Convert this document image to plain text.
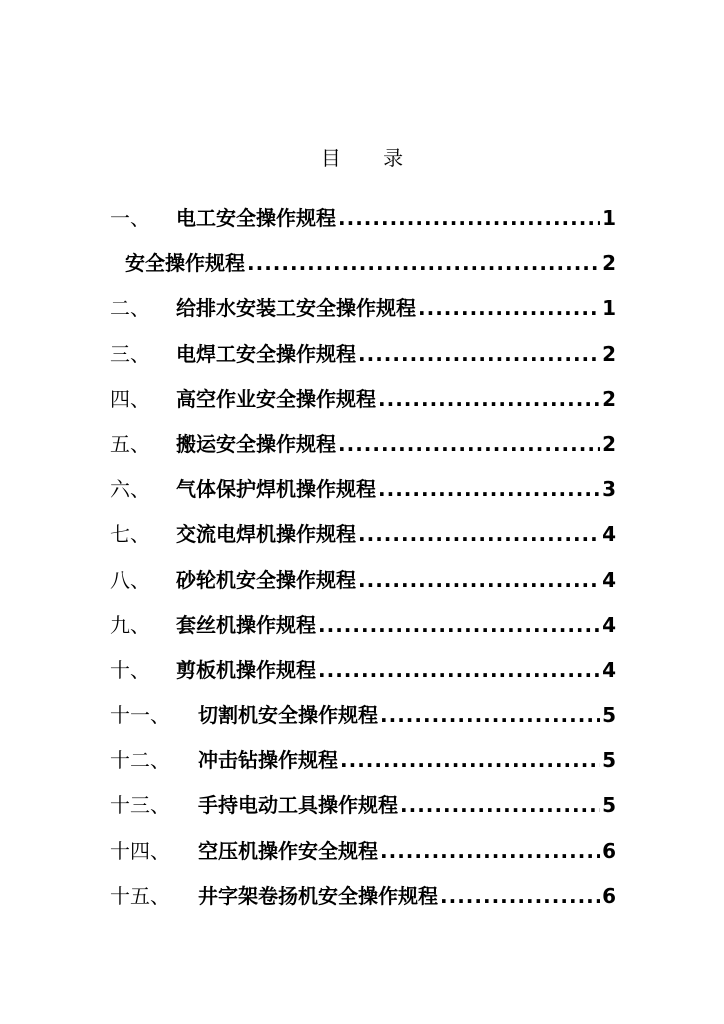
目 录
一、	电工安全操作规程 .....	1
安全操作规程 .....	2
二、	给排水安装工安全操作规程 .....	1
三、	电焊工安全操作规程 .....	2
四、	高空作业安全操作规程 .....	2
五、	搬运安全操作规程 .....	2
六、	气体保护焊机操作规程 .....	3
七、	交流电焊机操作规程 .....	4
八、	砂轮机安全操作规程 .....	4
九、	套丝机操作规程 .....	4
十、	剪板机操作规程 .....	4
十一、	切割机安全操作规程 .....	5
十二、	冲击钻操作规程 .....	5
十三、	手持电动工具操作规程 .....	5
十四、	空压机操作安全规程 .....	6
十五、	井字架卷扬机安全操作规程 .....	6
